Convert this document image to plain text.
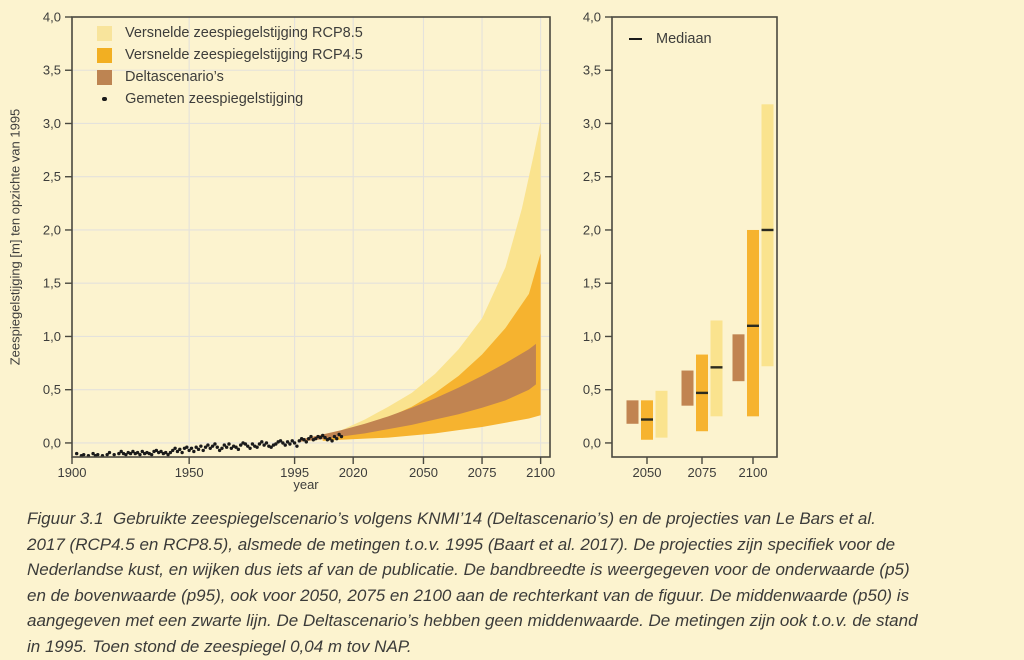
0,0
0,5
1,0
1,5
2,0
2,5
3,0
3,5
4,0
1900	1950	1995 2020	2050 2075 2100
0,0
0,5
1,0
1,5
2,0
2,5
3,0
3,5
4,0
2050 2075 2100
Versnelde zeespiegelstijging RCP8.5
Versnelde zeespiegelstijging RCP4.5
Deltascenario’s
Gemeten zeespiegelstijging
Mediaan
Zeespiegelstijging [m] ten opzichte van 1995
year
Figuur 3.1  Gebruikte zeespiegelscenario’s volgens KNMI’14 (Deltascenario’s) en de projecties van Le Bars et al.
2017 (RCP4.5 en RCP8.5), alsmede de metingen t.o.v. 1995 (Baart et al. 2017). De projecties zijn specifiek voor de
Nederlandse kust, en wijken dus iets af van de publicatie. De bandbreedte is weergegeven voor de onderwaarde (p5)
en de bovenwaarde (p95), ook voor 2050, 2075 en 2100 aan de rechterkant van de figuur. De middenwaarde (p50) is
aangegeven met een zwarte lijn. De Deltascenario’s hebben geen middenwaarde. De metingen zijn ook t.o.v. de stand
in 1995. Toen stond de zeespiegel 0,04 m tov NAP.
